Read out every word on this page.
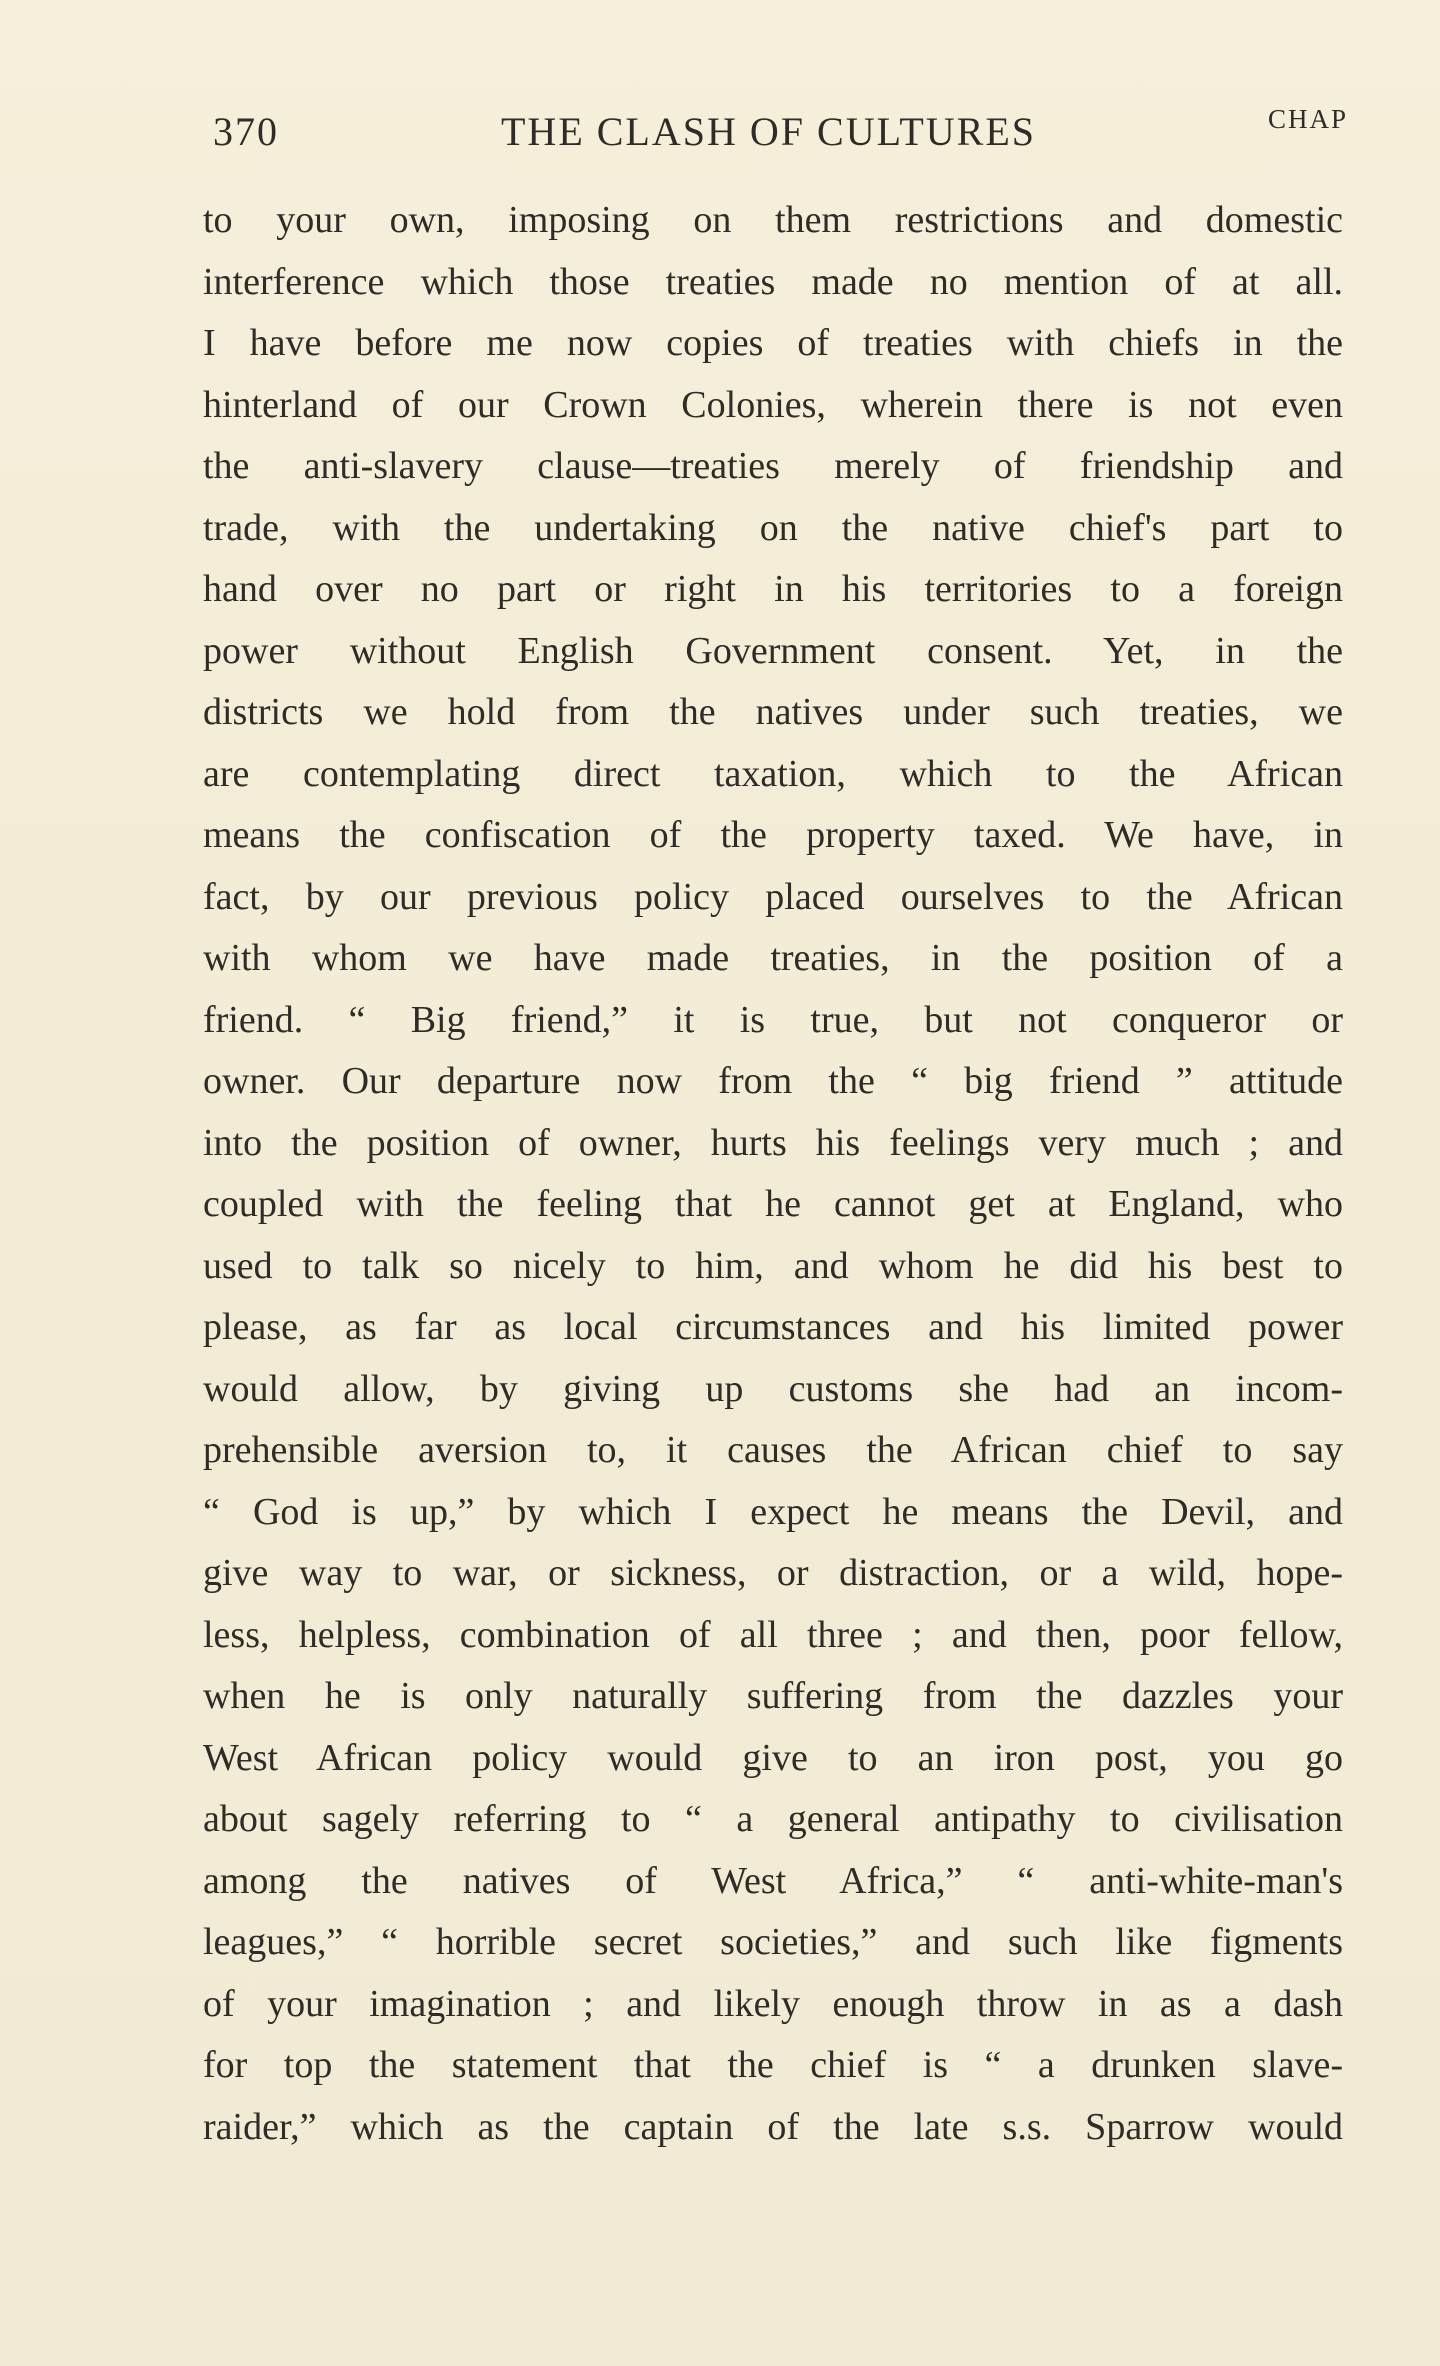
370	THE CLASH OF CULTURES	CHAP
to your own, imposing on them restrictions and domestic
interference which those treaties made no mention of at all.
I have before me now copies of treaties with chiefs in the
hinterland of our Crown Colonies, wherein there is not even
the anti-slavery clause—treaties merely of friendship and
trade, with the undertaking on the native chief's part to
hand over no part or right in his territories to a foreign
power without English Government consent. Yet, in the
districts we hold from the natives under such treaties, we
are contemplating direct taxation, which to the African
means the confiscation of the property taxed. We have, in
fact, by our previous policy placed ourselves to the African
with whom we have made treaties, in the position of a
friend. “ Big friend,” it is true, but not conqueror or
owner. Our departure now from the “ big friend ” attitude
into the position of owner, hurts his feelings very much ; and
coupled with the feeling that he cannot get at England, who
used to talk so nicely to him, and whom he did his best to
please, as far as local circumstances and his limited power
would allow, by giving up customs she had an incom-
prehensible aversion to, it causes the African chief to say
“ God is up,” by which I expect he means the Devil, and
give way to war, or sickness, or distraction, or a wild, hope-
less, helpless, combination of all three ; and then, poor fellow,
when he is only naturally suffering from the dazzles your
West African policy would give to an iron post, you go
about sagely referring to “ a general antipathy to civilisation
among the natives of West Africa,” “ anti-white-man's
leagues,” “ horrible secret societies,” and such like figments
of your imagination ; and likely enough throw in as a dash
for top the statement that the chief is “ a drunken slave-
raider,” which as the captain of the late s.s. Sparrow would
